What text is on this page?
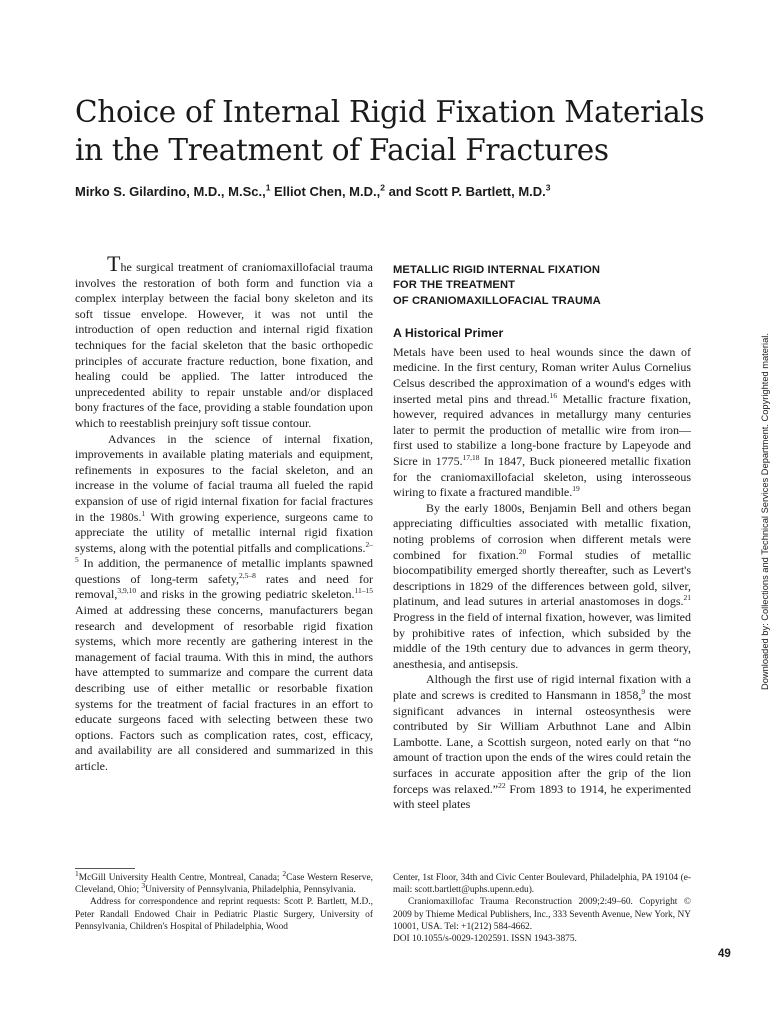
Choice of Internal Rigid Fixation Materials
in the Treatment of Facial Fractures

Mirko S. Gilardino, M.D., M.Sc.,$^1$ Elliot Chen, M.D.,$^2$ and Scott P. Bartlett, M.D.$^3$

The surgical treatment of craniomaxillofacial trauma involves the restoration of both form and function via a complex interplay between the facial bony skeleton and its soft tissue envelope. However, it was not until the introduction of open reduction and internal rigid fixation techniques for the facial skeleton that the basic orthopedic principles of accurate fracture reduction, bone fixation, and healing could be applied. The latter introduced the unprecedented ability to repair unstable and/or displaced bony fractures of the face, providing a stable foundation upon which to reestablish preinjury soft tissue contour.

Advances in the science of internal fixation, improvements in available plating materials and equipment, refinements in exposures to the facial skeleton, and an increase in the volume of facial trauma all fueled the rapid expansion of use of rigid internal fixation for facial fractures in the 1980s.$^1$ With growing experience, surgeons came to appreciate the utility of metallic internal rigid fixation systems, along with the potential pitfalls and complications.$^{2-5}$ In addition, the permanence of metallic implants spawned questions of long-term safety,$^{2,5-8}$ rates and need for removal,$^{3,9,10}$ and risks in the growing pediatric skeleton.$^{11-15}$ Aimed at addressing these concerns, manufacturers began research and development of resorbable rigid fixation systems, which more recently are gathering interest in the management of facial trauma. With this in mind, the authors have attempted to summarize and compare the current data describing use of either metallic or resorbable fixation systems for the treatment of facial fractures in an effort to educate surgeons faced with selecting between these two options. Factors such as complication rates, cost, efficacy, and availability are all considered and summarized in this article.

METALLIC RIGID INTERNAL FIXATION
FOR THE TREATMENT
OF CRANIOMAXILLOFACIAL TRAUMA
A Historical Primer

Metals have been used to heal wounds since the dawn of medicine. In the first century, Roman writer Aulus Cornelius Celsus described the approximation of a wound's edges with inserted metal pins and thread.$^{16}$ Metallic fracture fixation, however, required advances in metallurgy many centuries later to permit the production of metallic wire from iron—first used to stabilize a long-bone fracture by Lapeyode and Sicre in 1775.$^{17,18}$ In 1847, Buck pioneered metallic fixation for the craniomaxillofacial skeleton, using interosseous wiring to fixate a fractured mandible.$^{19}$

By the early 1800s, Benjamin Bell and others began appreciating difficulties associated with metallic fixation, noting problems of corrosion when different metals were combined for fixation.$^{20}$ Formal studies of metallic biocompatibility emerged shortly thereafter, such as Levert's descriptions in 1829 of the differences between gold, silver, platinum, and lead sutures in arterial anastomoses in dogs.$^{21}$ Progress in the field of internal fixation, however, was limited by prohibitive rates of infection, which subsided by the middle of the 19th century due to advances in germ theory, anesthesia, and antisepsis.

Although the first use of rigid internal fixation with a plate and screws is credited to Hansmann in 1858,$^9$ the most significant advances in internal osteosynthesis were contributed by Sir William Arbuthnot Lane and Albin Lambotte. Lane, a Scottish surgeon, noted early on that “no amount of traction upon the ends of the wires could retain the surfaces in accurate apposition after the grip of the lion forceps was relaxed.”$^{22}$ From 1893 to 1914, he experimented with steel plates

$^1$McGill University Health Centre, Montreal, Canada; $^2$Case Western Reserve, Cleveland, Ohio; $^3$University of Pennsylvania, Philadelphia, Pennsylvania.

Address for correspondence and reprint requests: Scott P. Bartlett, M.D., Peter Randall Endowed Chair in Pediatric Plastic Surgery, University of Pennsylvania, Children's Hospital of Philadelphia, Wood

Center, 1st Floor, 34th and Civic Center Boulevard, Philadelphia, PA 19104 (e-mail: scott.bartlett@uphs.upenn.edu).

Craniomaxillofac Trauma Reconstruction 2009;2:49–60. Copyright © 2009 by Thieme Medical Publishers, Inc., 333 Seventh Avenue, New York, NY 10001, USA. Tel: +1(212) 584-4662.

DOI 10.1055/s-0029-1202591. ISSN 1943-3875.

49

Downloaded by: Collections and Technical Services Department. Copyrighted material.
